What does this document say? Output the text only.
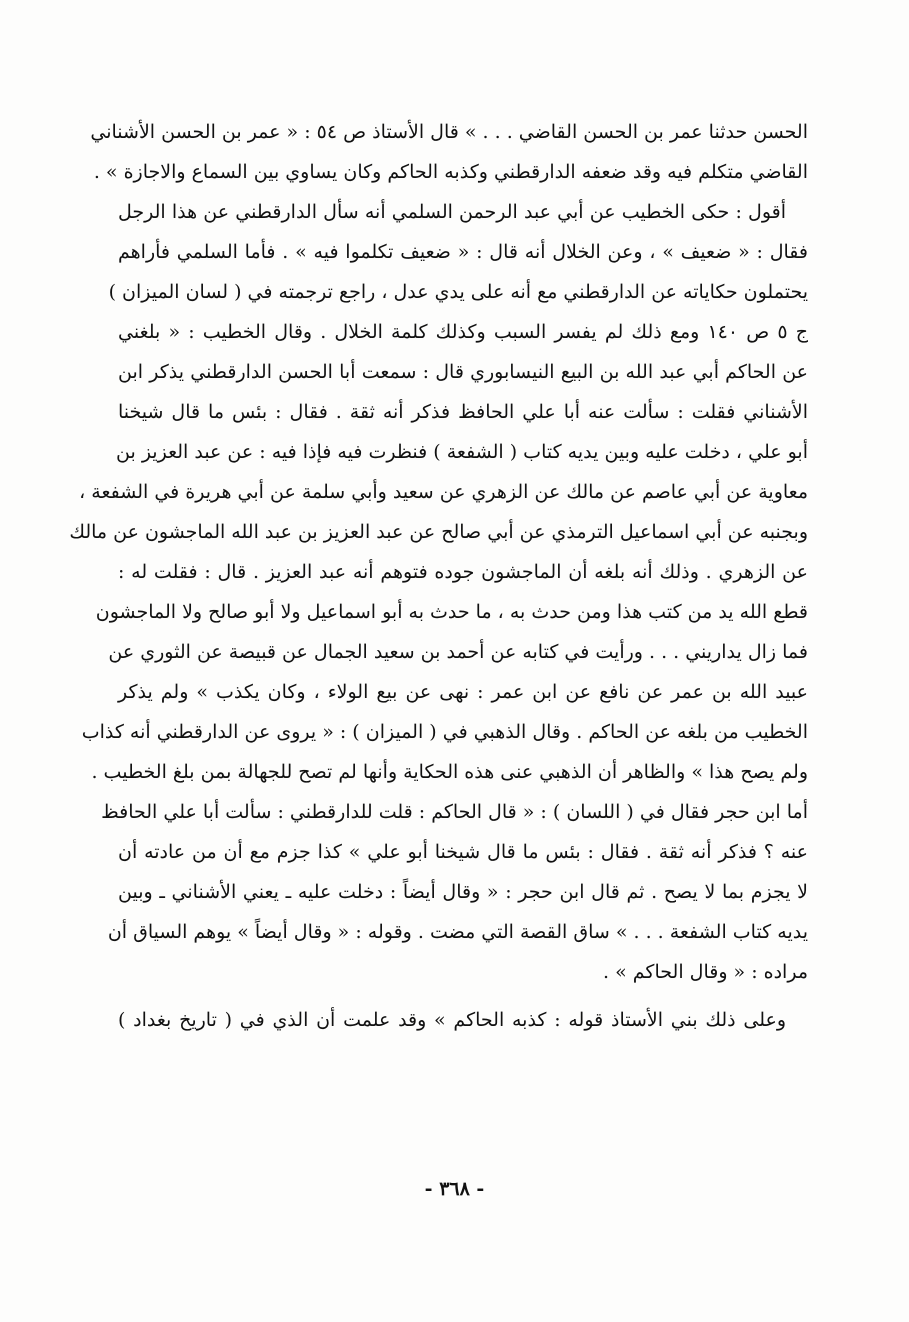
الحسن حدثنا عمر بن الحسن القاضي . . . » قال الأستاذ ص ٥٤ : « عمر بن الحسن الأشناني
القاضي متكلم فيه وقد ضعفه الدارقطني وكذبه الحاكم وكان يساوي بين السماع والاجازة » .
أقول : حكى الخطيب عن أبي عبد الرحمن السلمي أنه سأل الدارقطني عن هذا الرجل
فقال : « ضعيف » ، وعن الخلال أنه قال : « ضعيف تكلموا فيه » . فأما السلمي فأراهم
يحتملون حكاياته عن الدارقطني مع أنه على يدي عدل ، راجع ترجمته في ( لسان الميزان )
ج ٥ ص ١٤٠ ومع ذلك لم يفسر السبب وكذلك كلمة الخلال . وقال الخطيب : « بلغني
عن الحاكم أبي عبد الله بن البيع النيسابوري قال : سمعت أبا الحسن الدارقطني يذكر ابن
الأشناني فقلت : سألت عنه أبا علي الحافظ فذكر أنه ثقة . فقال : بئس ما قال شيخنا
أبو علي ، دخلت عليه وبين يديه كتاب ( الشفعة ) فنظرت فيه فإذا فيه : عن عبد العزيز بن
معاوية عن أبي عاصم عن مالك عن الزهري عن سعيد وأبي سلمة عن أبي هريرة في الشفعة ،
وبجنبه عن أبي اسماعيل الترمذي عن أبي صالح عن عبد العزيز بن عبد الله الماجشون عن مالك
عن الزهري . وذلك أنه بلغه أن الماجشون جوده فتوهم أنه عبد العزيز . قال : فقلت له :
قطع الله يد من كتب هذا ومن حدث به ، ما حدث به أبو اسماعيل ولا أبو صالح ولا الماجشون
فما زال يداريني . . . ورأيت في كتابه عن أحمد بن سعيد الجمال عن قبيصة عن الثوري عن
عبيد الله بن عمر عن نافع عن ابن عمر : نهى عن بيع الولاء ، وكان يكذب » ولم يذكر
الخطيب من بلغه عن الحاكم . وقال الذهبي في ( الميزان ) : « يروى عن الدارقطني أنه كذاب
ولم يصح هذا » والظاهر أن الذهبي عنى هذه الحكاية وأنها لم تصح للجهالة بمن بلغ الخطيب .
أما ابن حجر فقال في ( اللسان ) : « قال الحاكم : قلت للدارقطني : سألت أبا علي الحافظ
عنه ؟ فذكر أنه ثقة . فقال : بئس ما قال شيخنا أبو علي » كذا جزم مع أن من عادته أن
لا يجزم بما لا يصح . ثم قال ابن حجر : « وقال أيضاً : دخلت عليه ـ يعني الأشناني ـ وبين
يديه كتاب الشفعة . . . » ساق القصة التي مضت . وقوله : « وقال أيضاً » يوهم السياق أن
مراده : « وقال الحاكم » .
وعلى ذلك بني الأستاذ قوله : كذبه الحاكم » وقد علمت أن الذي في ( تاريخ بغداد )
- ٣٦٨ -
